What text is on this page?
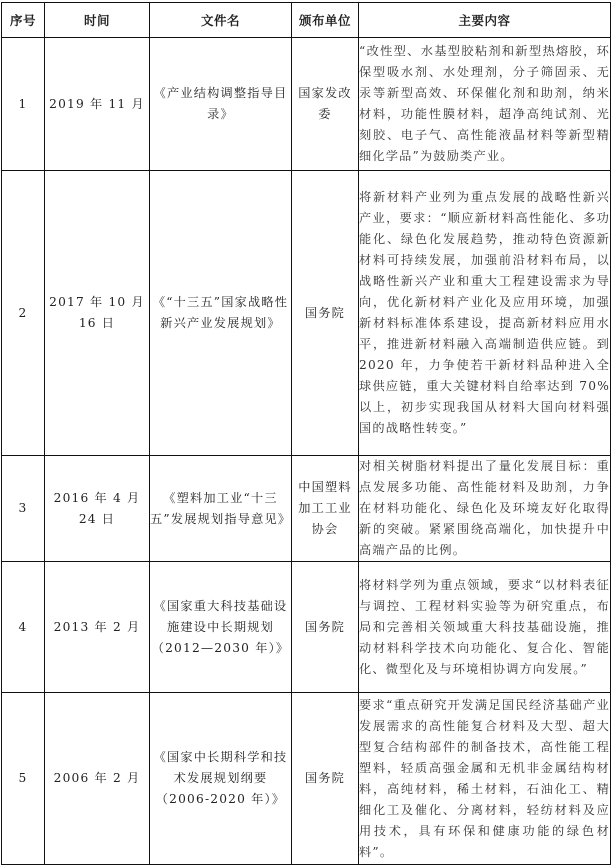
序号	时间	文件名	颁布单位	主要内容
1	2019 年 11 月	《产业结构调整指导目录》	国家发改委	“改性型、水基型胶粘剂和新型热熔胶，环保型吸水剂、水处理剂，分子筛固汞、无汞等新型高效、环保催化剂和助剂，纳米材料，功能性膜材料，超净高纯试剂、光刻胶、电子气、高性能液晶材料等新型精细化学品”为鼓励类产业。
2	2017 年 10 月 16 日	《“十三五”国家战略性新兴产业发展规划》	国务院	将新材料产业列为重点发展的战略性新兴产业，要求：“顺应新材料高性能化、多功能化、绿色化发展趋势，推动特色资源新材料可持续发展，加强前沿材料布局，以战略性新兴产业和重大工程建设需求为导向，优化新材料产业化及应用环境，加强新材料标准体系建设，提高新材料应用水平，推进新材料融入高端制造供应链。到 2020 年，力争使若干新材料品种进入全球供应链，重大关键材料自给率达到 70%以上，初步实现我国从材料大国向材料强国的战略性转变。”
3	2016 年 4 月 24 日	《塑料加工业“十三五”发展规划指导意见》	中国塑料加工工业协会	对相关树脂材料提出了量化发展目标：重点发展多功能、高性能材料及助剂，力争在材料功能化、绿色化及环境友好化取得新的突破。紧紧围绕高端化，加快提升中高端产品的比例。
4	2013 年 2 月	《国家重大科技基础设施建设中长期规划（2012—2030 年）》	国务院	将材料学列为重点领域，要求“以材料表征与调控、工程材料实验等为研究重点，布局和完善相关领域重大科技基础设施，推动材料科学技术向功能化、复合化、智能化、微型化及与环境相协调方向发展。”
5	2006 年 2 月	《国家中长期科学和技术发展规划纲要（2006-2020 年）》	国务院	要求“重点研究开发满足国民经济基础产业发展需求的高性能复合材料及大型、超大型复合结构部件的制备技术，高性能工程塑料，轻质高强金属和无机非金属结构材料，高纯材料，稀土材料，石油化工、精细化工及催化、分离材料，轻纺材料及应用技术，具有环保和健康功能的绿色材料”。
